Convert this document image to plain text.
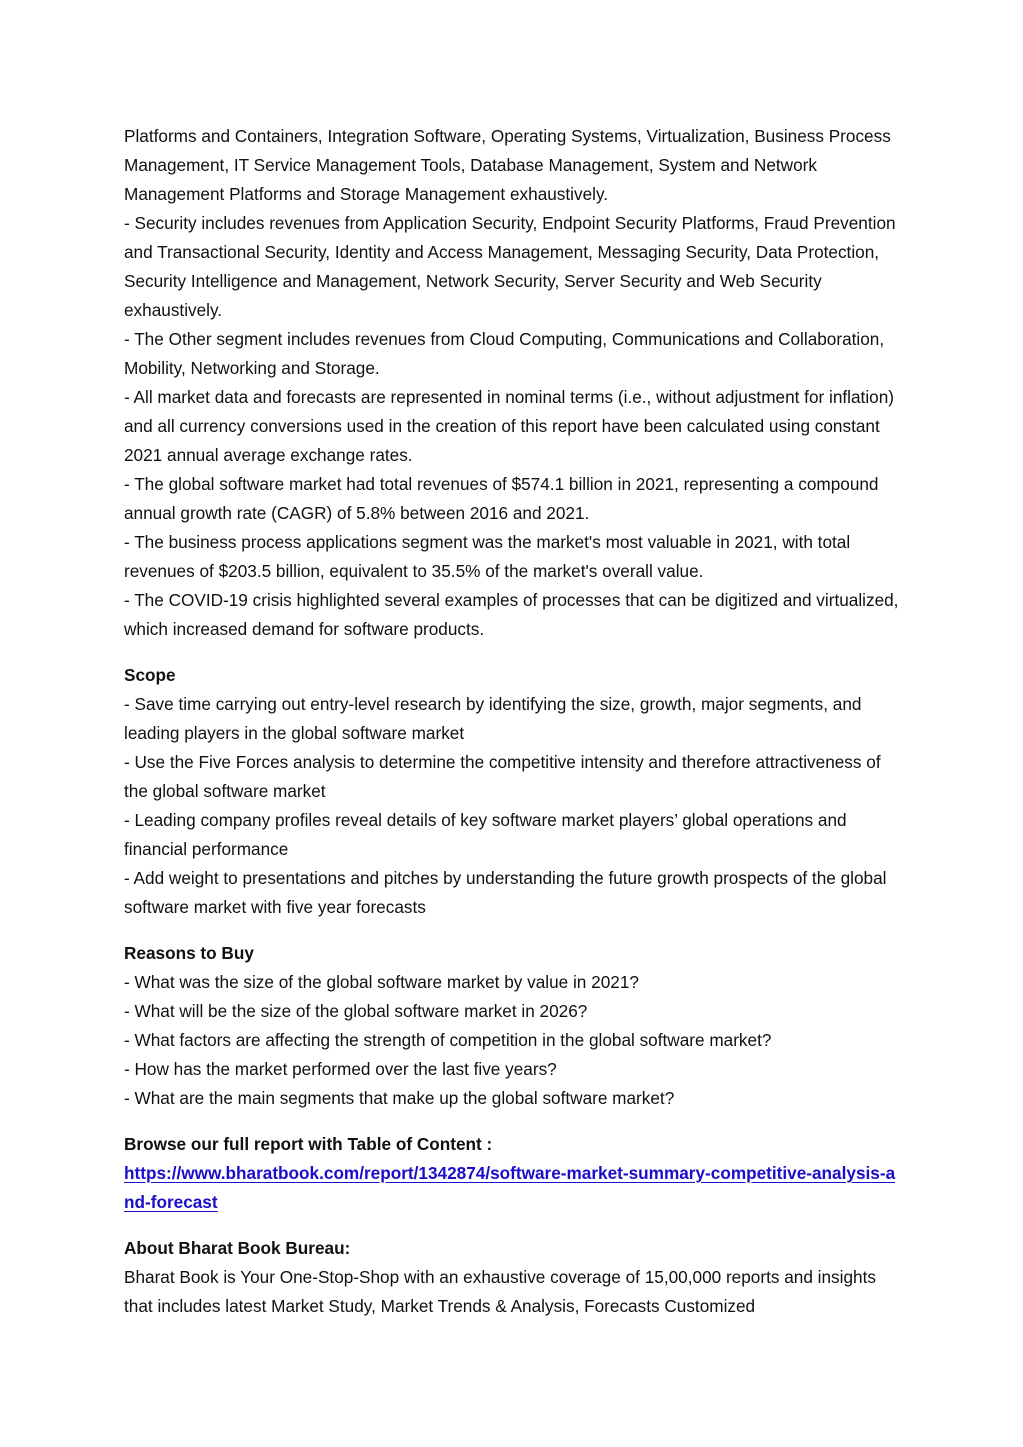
Platforms and Containers, Integration Software, Operating Systems, Virtualization, Business Process Management, IT Service Management Tools, Database Management, System and Network Management Platforms and Storage Management exhaustively.

- Security includes revenues from Application Security, Endpoint Security Platforms, Fraud Prevention and Transactional Security, Identity and Access Management, Messaging Security, Data Protection, Security Intelligence and Management, Network Security, Server Security and Web Security exhaustively.

- The Other segment includes revenues from Cloud Computing, Communications and Collaboration, Mobility, Networking and Storage.

- All market data and forecasts are represented in nominal terms (i.e., without adjustment for inflation) and all currency conversions used in the creation of this report have been calculated using constant 2021 annual average exchange rates.

- The global software market had total revenues of $574.1 billion in 2021, representing a compound annual growth rate (CAGR) of 5.8% between 2016 and 2021.

- The business process applications segment was the market's most valuable in 2021, with total revenues of $203.5 billion, equivalent to 35.5% of the market's overall value.

- The COVID-19 crisis highlighted several examples of processes that can be digitized and virtualized, which increased demand for software products.

Scope

- Save time carrying out entry-level research by identifying the size, growth, major segments, and leading players in the global software market

- Use the Five Forces analysis to determine the competitive intensity and therefore attractiveness of the global software market

- Leading company profiles reveal details of key software market players’ global operations and financial performance

- Add weight to presentations and pitches by understanding the future growth prospects of the global software market with five year forecasts

Reasons to Buy

- What was the size of the global software market by value in 2021?

- What will be the size of the global software market in 2026?

- What factors are affecting the strength of competition in the global software market?

- How has the market performed over the last five years?

- What are the main segments that make up the global software market?

Browse our full report with Table of Content :

https://www.bharatbook.com/report/1342874/software-market-summary-competitive-analysis-and-forecast

About Bharat Book Bureau:

Bharat Book is Your One-Stop-Shop with an exhaustive coverage of 15,00,000 reports and insights that includes latest Market Study, Market Trends & Analysis, Forecasts Customized
